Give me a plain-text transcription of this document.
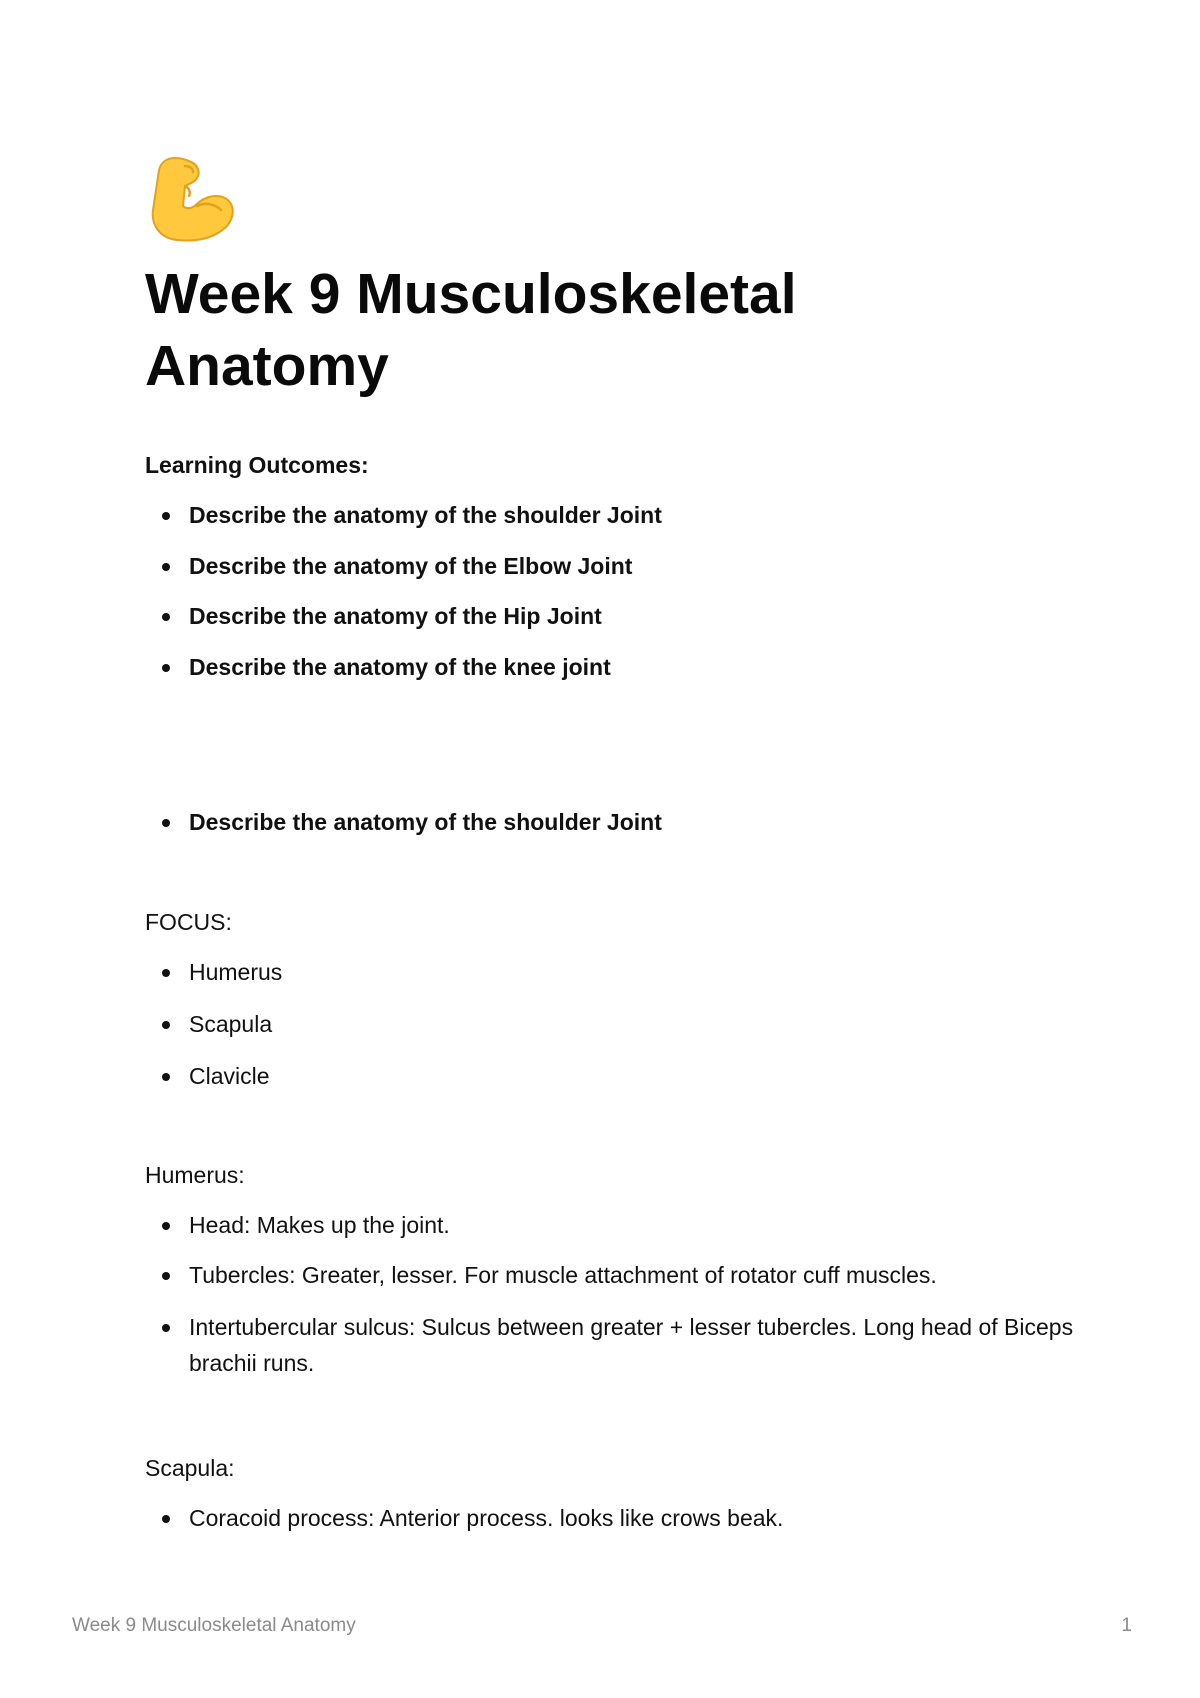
Week 9 Musculoskeletal Anatomy

Learning Outcomes:

Describe the anatomy of the shoulder Joint
Describe the anatomy of the Elbow Joint
Describe the anatomy of the Hip Joint
Describe the anatomy of the knee joint
Describe the anatomy of the shoulder Joint

FOCUS:

Humerus
Scapula
Clavicle

Humerus:

Head: Makes up the joint.
Tubercles: Greater, lesser. For muscle attachment of rotator cuff muscles.
Intertubercular sulcus: Sulcus between greater + lesser tubercles. Long head of Biceps brachii runs.

Scapula:

Coracoid process: Anterior process. looks like crows beak.
Week 9 Musculoskeletal Anatomy	1
